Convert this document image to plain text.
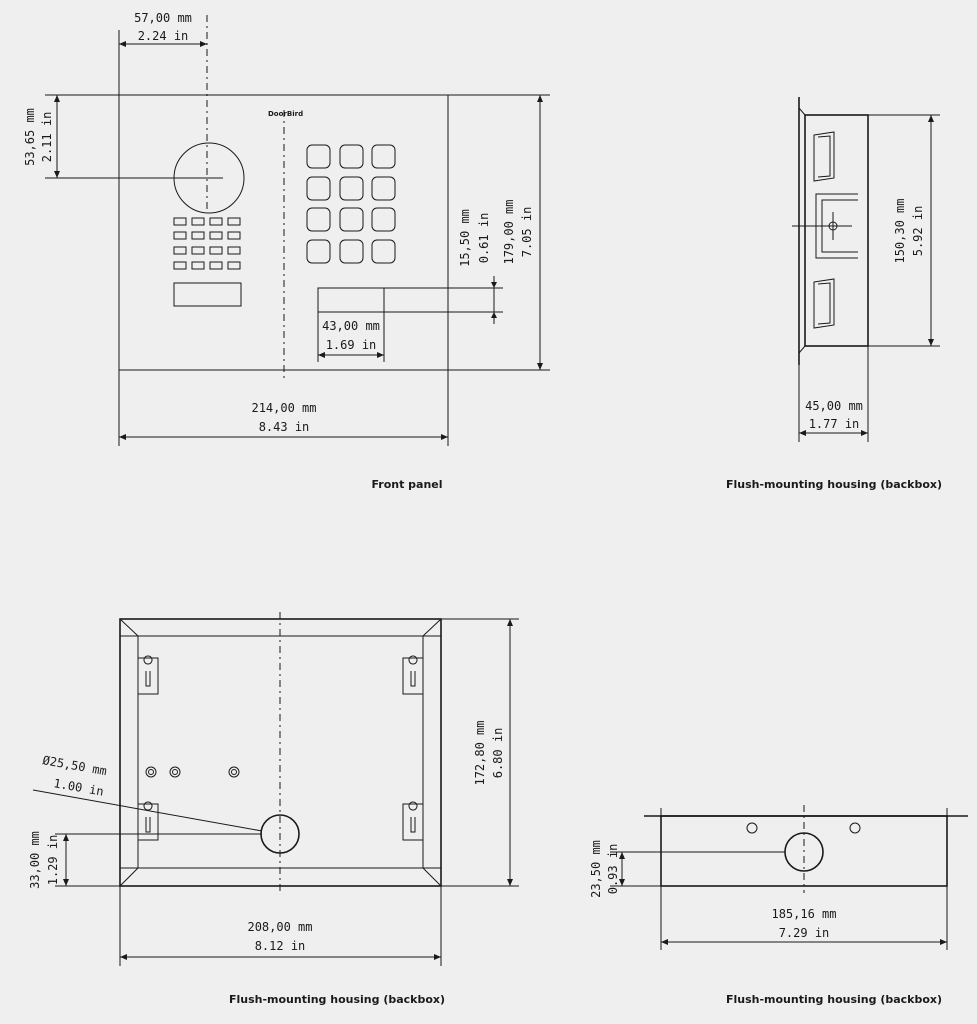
DoorBird
57,00 mm
2.24 in
53,65 mm 2.11 in
15,50 mm 0.61 in 179,00 mm 7.05 in
43,00 mm
1.69 in
214,00 mm
8.43 in
Front panel
150,30 mm 5.92 in
45,00 mm
1.77 in
Flush-mounting housing (backbox)
Ø25,50 mm
1.00 in
33,00 mm 1.29 in
172,80 mm 6.80 in
208,00 mm
8.12 in
Flush-mounting housing (backbox)
23,50 mm 0.93 in
185,16 mm
7.29 in
Flush-mounting housing (backbox)
